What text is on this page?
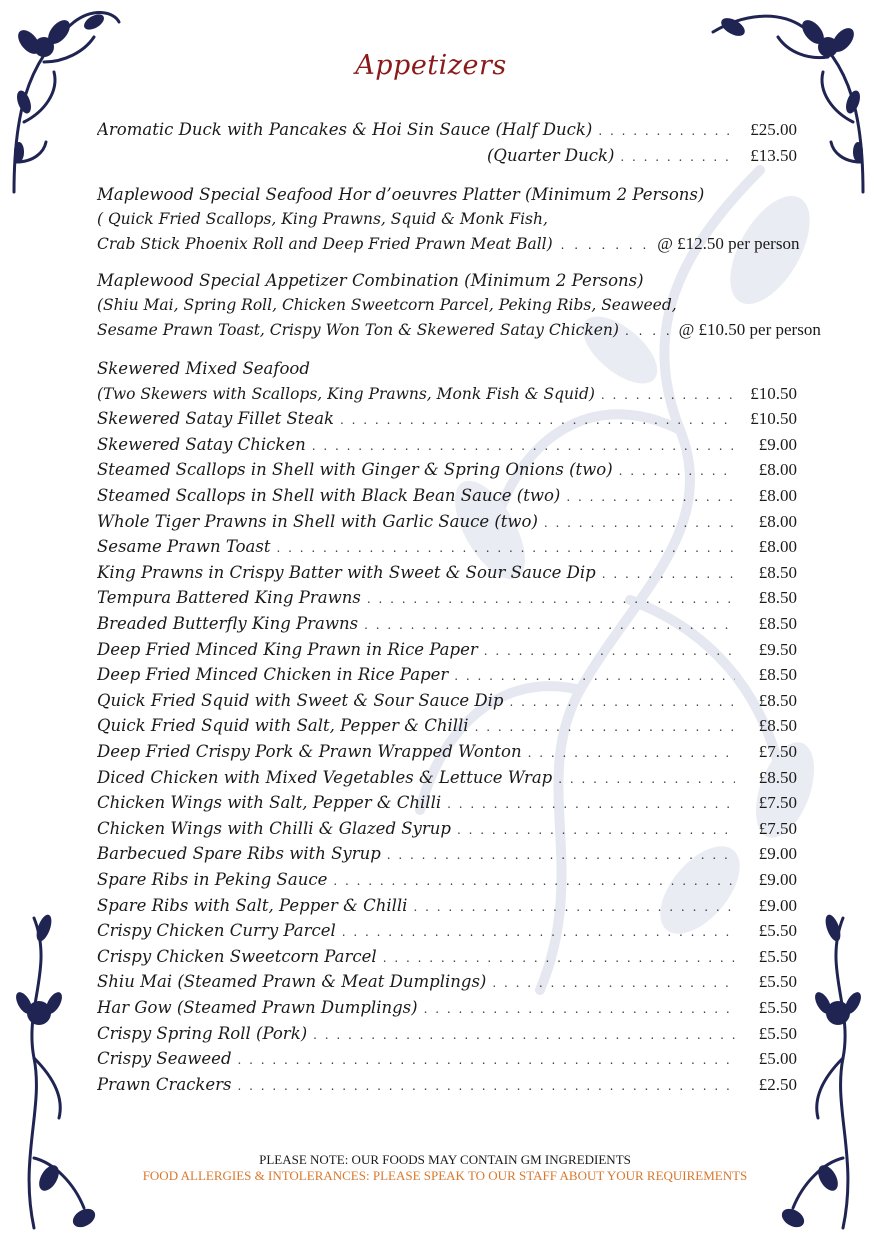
Appetizers
Aromatic Duck with Pancakes & Hoi Sin Sauce (Half Duck) . . .	£25.00
(Quarter Duck) . . .	£13.50
Maplewood Special Seafood Hor d’oeuvres Platter (Minimum 2 Persons)
( Quick Fried Scallops, King Prawns, Squid & Monk Fish,
Crab Stick Phoenix Roll and Deep Fried Prawn Meat Ball) . . . . . . . @ £12.50 per person
Maplewood Special Appetizer Combination (Minimum 2 Persons)
(Shiu Mai, Spring Roll, Chicken Sweetcorn Parcel, Peking Ribs, Seaweed,
Sesame Prawn Toast, Crispy Won Ton & Skewered Satay Chicken) . . . . @ £10.50 per person
Skewered Mixed Seafood
(Two Skewers with Scallops, King Prawns, Monk Fish & Squid) . . .	£10.50
Skewered Satay Fillet Steak . . .	£10.50
Skewered Satay Chicken . . .	£9.00
Steamed Scallops in Shell with Ginger & Spring Onions (two) . . .	£8.00
Steamed Scallops in Shell with Black Bean Sauce (two) . . .	£8.00
Whole Tiger Prawns in Shell with Garlic Sauce (two) . . .	£8.00
Sesame Prawn Toast . . .	£8.00
King Prawns in Crispy Batter with Sweet & Sour Sauce Dip . . .	£8.50
Tempura Battered King Prawns . . .	£8.50
Breaded Butterfly King Prawns . . .	£8.50
Deep Fried Minced King Prawn in Rice Paper . . .	£9.50
Deep Fried Minced Chicken in Rice Paper . . .	£8.50
Quick Fried Squid with Sweet & Sour Sauce Dip . . .	£8.50
Quick Fried Squid with Salt, Pepper & Chilli . . .	£8.50
Deep Fried Crispy Pork & Prawn Wrapped Wonton . . .	£7.50
Diced Chicken with Mixed Vegetables & Lettuce Wrap . . .	£8.50
Chicken Wings with Salt, Pepper & Chilli . . .	£7.50
Chicken Wings with Chilli & Glazed Syrup . . .	£7.50
Barbecued Spare Ribs with Syrup . . .	£9.00
Spare Ribs in Peking Sauce . . .	£9.00
Spare Ribs with Salt, Pepper & Chilli . . .	£9.00
Crispy Chicken Curry Parcel . . .	£5.50
Crispy Chicken Sweetcorn Parcel . . .	£5.50
Shiu Mai (Steamed Prawn & Meat Dumplings) . . .	£5.50
Har Gow (Steamed Prawn Dumplings) . . .	£5.50
Crispy Spring Roll (Pork) . . .	£5.50
Crispy Seaweed . . .	£5.00
Prawn Crackers . . .	£2.50
PLEASE NOTE: OUR FOODS MAY CONTAIN GM INGREDIENTS
FOOD ALLERGIES & INTOLERANCES: PLEASE SPEAK TO OUR STAFF ABOUT YOUR REQUIREMENTS
